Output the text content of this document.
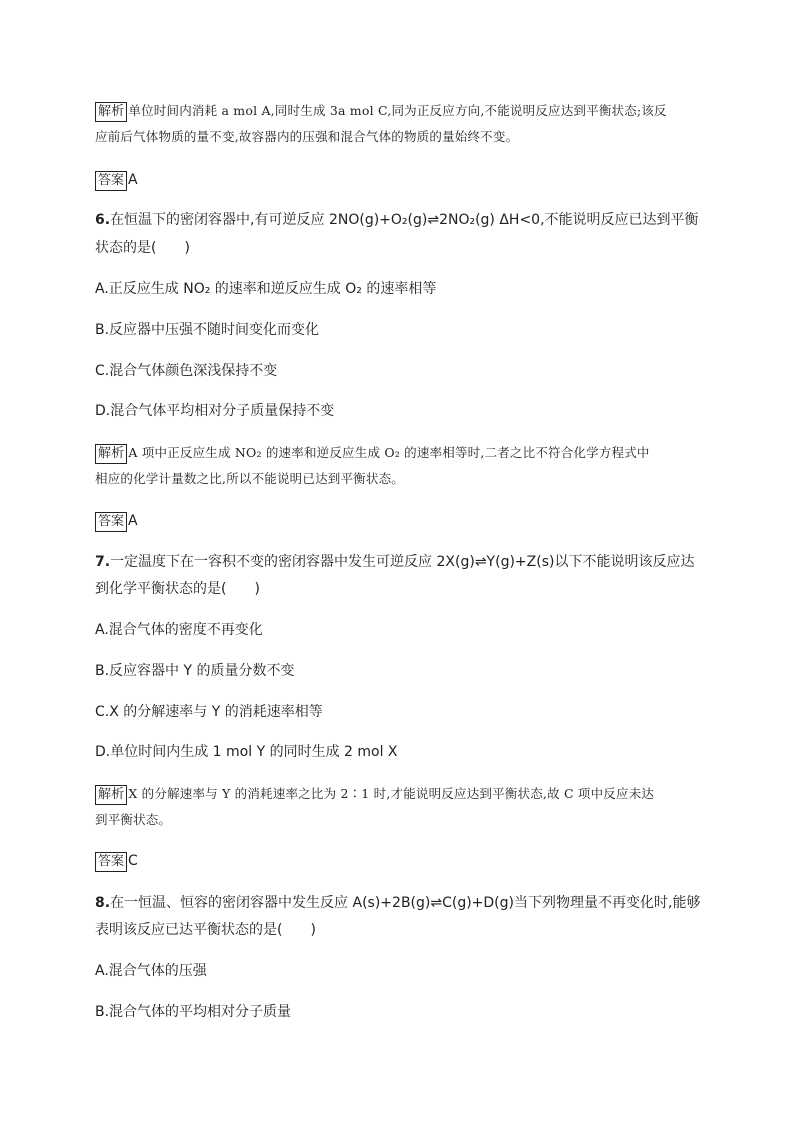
解析 单位时间内消耗 a mol A,同时生成 3a mol C,同为正反应方向,不能说明反应达到平衡状态;该反
应前后气体物质的量不变,故容器内的压强和混合气体的物质的量始终不变。
答案 A
6.在恒温下的密闭容器中,有可逆反应 2NO(g)+O₂(g)⇌2NO₂(g) ΔH<0,不能说明反应已达到平衡
状态的是(　　)
A.正反应生成 NO₂ 的速率和逆反应生成 O₂ 的速率相等
B.反应器中压强不随时间变化而变化
C.混合气体颜色深浅保持不变
D.混合气体平均相对分子质量保持不变
解析 A 项中正反应生成 NO₂ 的速率和逆反应生成 O₂ 的速率相等时,二者之比不符合化学方程式中
相应的化学计量数之比,所以不能说明已达到平衡状态。
答案 A
7.一定温度下在一容积不变的密闭容器中发生可逆反应 2X(g)⇌Y(g)+Z(s)以下不能说明该反应达
到化学平衡状态的是(　　)
A.混合气体的密度不再变化
B.反应容器中 Y 的质量分数不变
C.X 的分解速率与 Y 的消耗速率相等
D.单位时间内生成 1 mol Y 的同时生成 2 mol X
解析 X 的分解速率与 Y 的消耗速率之比为 2∶1 时,才能说明反应达到平衡状态,故 C 项中反应未达
到平衡状态。
答案 C
8.在一恒温、恒容的密闭容器中发生反应 A(s)+2B(g)⇌C(g)+D(g)当下列物理量不再变化时,能够
表明该反应已达平衡状态的是(　　)
A.混合气体的压强
B.混合气体的平均相对分子质量
